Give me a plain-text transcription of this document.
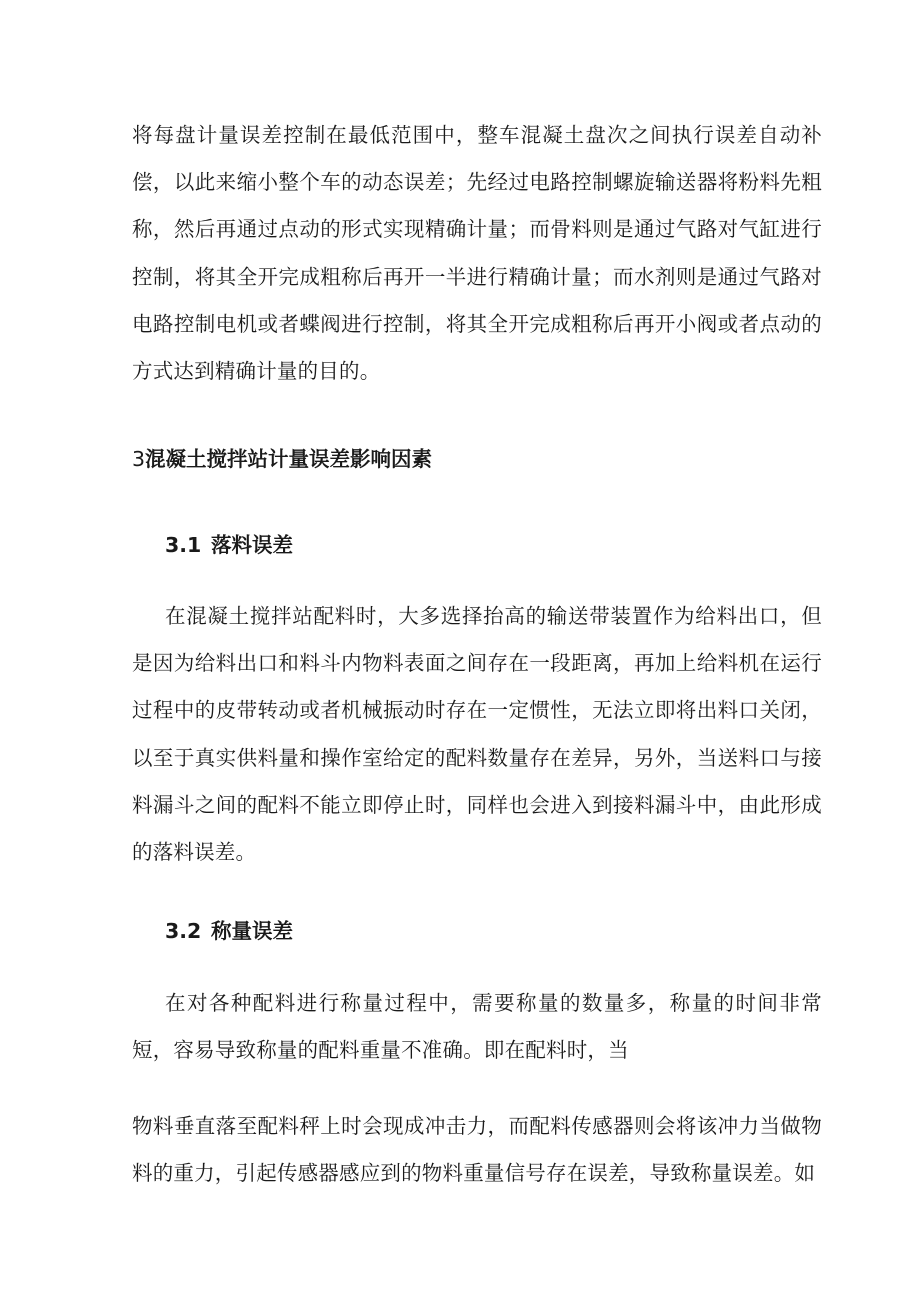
将每盘计量误差控制在最低范围中，整车混凝土盘次之间执行误差自动补偿，以此来缩小整个车的动态误差；先经过电路控制螺旋输送器将粉料先粗称，然后再通过点动的形式实现精确计量；而骨料则是通过气路对气缸进行控制，将其全开完成粗称后再开一半进行精确计量；而水剂则是通过气路对电路控制电机或者蝶阀进行控制，将其全开完成粗称后再开小阀或者点动的方式达到精确计量的目的。

3混凝土搅拌站计量误差影响因素
3.1 落料误差

在混凝土搅拌站配料时，大多选择抬高的输送带装置作为给料出口，但是因为给料出口和料斗内物料表面之间存在一段距离，再加上给料机在运行过程中的皮带转动或者机械振动时存在一定惯性，无法立即将出料口关闭，以至于真实供料量和操作室给定的配料数量存在差异，另外，当送料口与接料漏斗之间的配料不能立即停止时，同样也会进入到接料漏斗中，由此形成的落料误差。

3.2 称量误差

在对各种配料进行称量过程中，需要称量的数量多，称量的时间非常短，容易导致称量的配料重量不准确。即在配料时，当

物料垂直落至配料秤上时会现成冲击力，而配料传感器则会将该冲力当做物料的重力，引起传感器感应到的物料重量信号存在误差，导致称量误差。如
